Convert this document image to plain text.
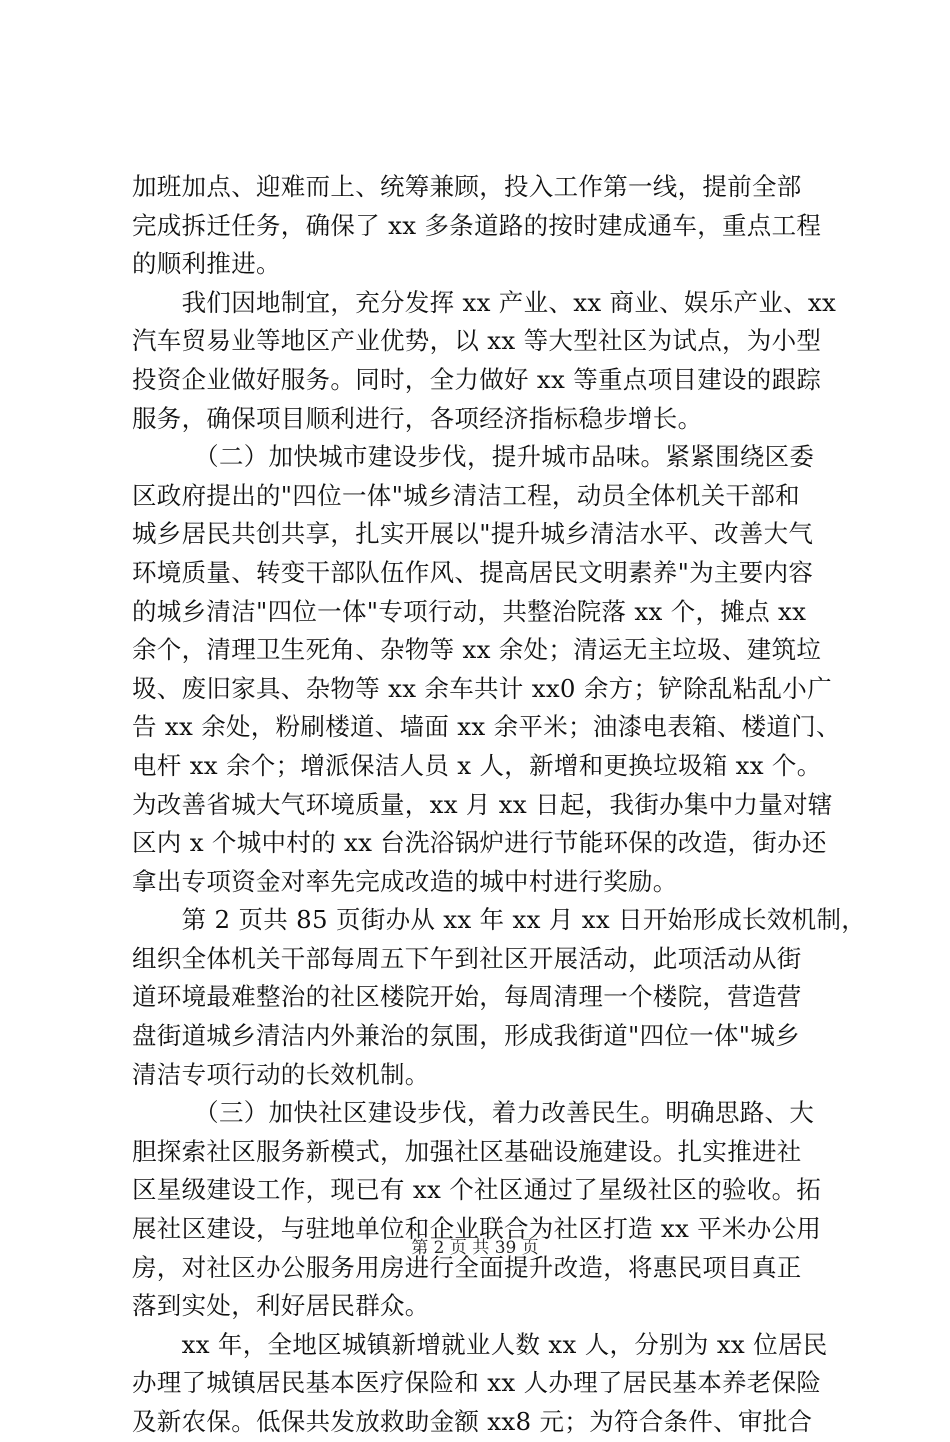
加班加点、迎难而上、统筹兼顾，投入工作第一线，提前全部
完成拆迁任务，确保了 xx 多条道路的按时建成通车，重点工程
的顺利推进。
　　我们因地制宜，充分发挥 xx 产业、xx 商业、娱乐产业、xx
汽车贸易业等地区产业优势，以 xx 等大型社区为试点，为小型
投资企业做好服务。同时，全力做好 xx 等重点项目建设的跟踪
服务，确保项目顺利进行，各项经济指标稳步增长。
　　　（二）加快城市建设步伐，提升城市品味。紧紧围绕区委
区政府提出的"四位一体"城乡清洁工程，动员全体机关干部和
城乡居民共创共享，扎实开展以"提升城乡清洁水平、改善大气
环境质量、转变干部队伍作风、提高居民文明素养"为主要内容
的城乡清洁"四位一体"专项行动，共整治院落 xx 个，摊点 xx
余个，清理卫生死角、杂物等 xx 余处；清运无主垃圾、建筑垃
圾、废旧家具、杂物等 xx 余车共计 xx0 余方；铲除乱粘乱小广
告 xx 余处，粉刷楼道、墙面 xx 余平米；油漆电表箱、楼道门、
电杆 xx 余个；增派保洁人员 x 人，新增和更换垃圾箱 xx 个。
为改善省城大气环境质量，xx 月 xx 日起，我街办集中力量对辖
区内 x 个城中村的 xx 台洗浴锅炉进行节能环保的改造，街办还
拿出专项资金对率先完成改造的城中村进行奖励。
　　第 2 页共 85 页街办从 xx 年 xx 月 xx 日开始形成长效机制，
组织全体机关干部每周五下午到社区开展活动，此项活动从街
道环境最难整治的社区楼院开始，每周清理一个楼院，营造营
盘街道城乡清洁内外兼治的氛围，形成我街道"四位一体"城乡
清洁专项行动的长效机制。
　　　（三）加快社区建设步伐，着力改善民生。明确思路、大
胆探索社区服务新模式，加强社区基础设施建设。扎实推进社
区星级建设工作，现已有 xx 个社区通过了星级社区的验收。拓
展社区建设，与驻地单位和企业联合为社区打造 xx 平米办公用
房，对社区办公服务用房进行全面提升改造，将惠民项目真正
落到实处，利好居民群众。
　　xx 年，全地区城镇新增就业人数 xx 人，分别为 xx 位居民
办理了城镇居民基本医疗保险和 xx 人办理了居民基本养老保险
及新农保。低保共发放救助金额 xx8 元；为符合条件、审批合
第 2 页 共 39 页
